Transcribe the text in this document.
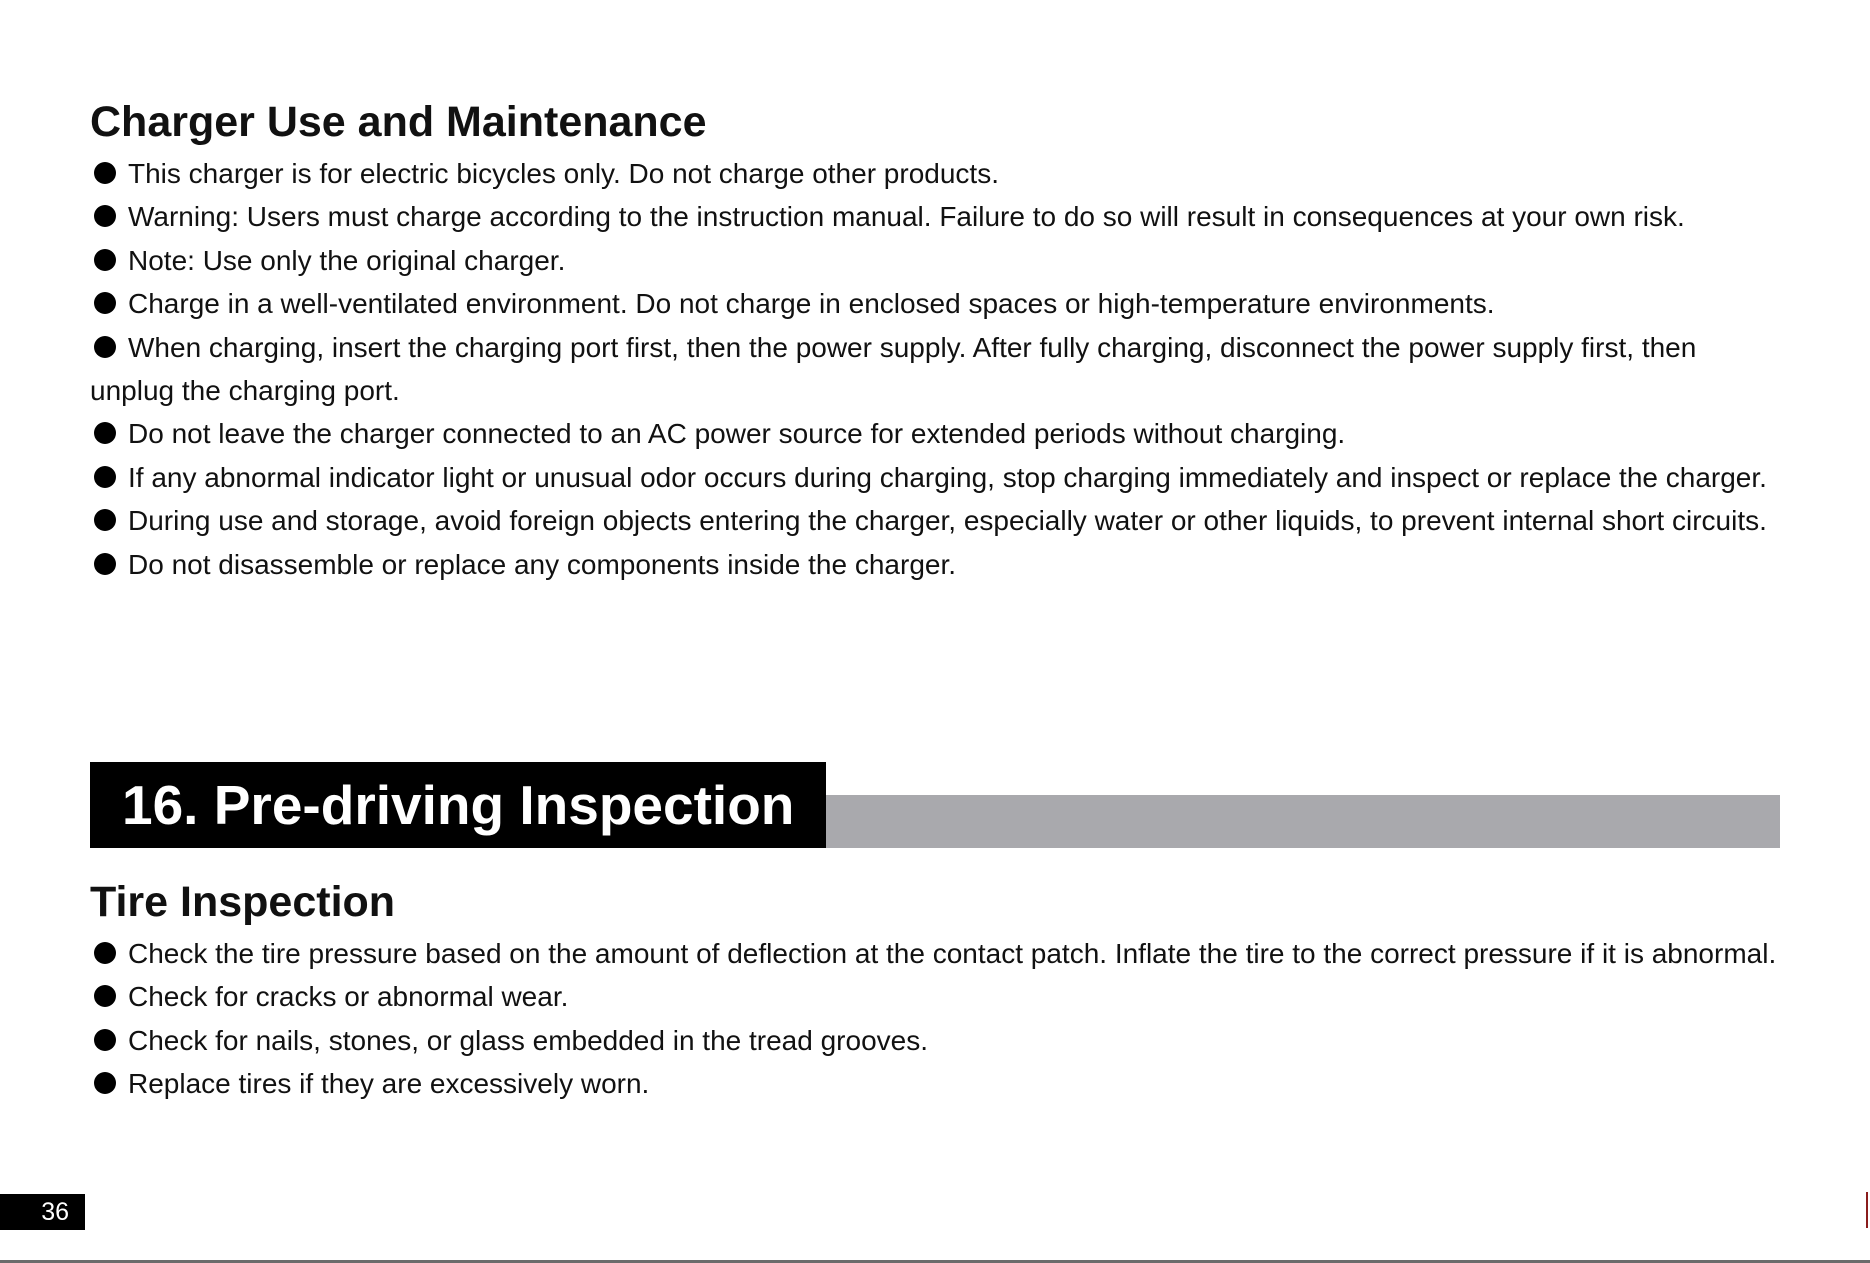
Charger Use and Maintenance
This charger is for electric bicycles only. Do not charge other products.
Warning: Users must charge according to the instruction manual. Failure to do so will result in consequences at your own risk.
Note: Use only the original charger.
Charge in a well-ventilated environment. Do not charge in enclosed spaces or high-temperature environments.
When charging, insert the charging port first, then the power supply. After fully charging, disconnect the power supply first, then unplug the charging port.
Do not leave the charger connected to an AC power source for extended periods without charging.
If any abnormal indicator light or unusual odor occurs during charging, stop charging immediately and inspect or replace the charger.
During use and storage, avoid foreign objects entering the charger, especially water or other liquids, to prevent internal short circuits.
Do not disassemble or replace any components inside the charger.
16. Pre-driving Inspection
Tire Inspection
Check the tire pressure based on the amount of deflection at the contact patch. Inflate the tire to the correct pressure if it is abnormal.
Check for cracks or abnormal wear.
Check for nails, stones, or glass embedded in the tread grooves.
Replace tires if they are excessively worn.
36
